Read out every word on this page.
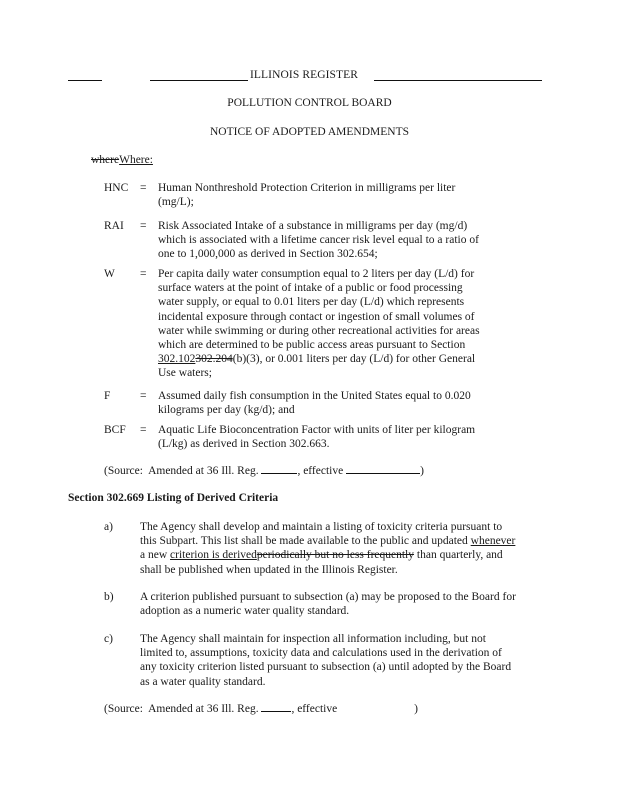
ILLINOIS REGISTER
POLLUTION CONTROL BOARD
NOTICE OF ADOPTED AMENDMENTS
whereWhere:
HNC = Human Nonthreshold Protection Criterion in milligrams per liter
(mg/L);
RAI = Risk Associated Intake of a substance in milligrams per day (mg/d)
which is associated with a lifetime cancer risk level equal to a ratio of
one to 1,000,000 as derived in Section 302.654;
W = Per capita daily water consumption equal to 2 liters per day (L/d) for
surface waters at the point of intake of a public or food processing
water supply, or equal to 0.01 liters per day (L/d) which represents
incidental exposure through contact or ingestion of small volumes of
water while swimming or during other recreational activities for areas
which are determined to be public access areas pursuant to Section
302.102302.204(b)(3), or 0.001 liters per day (L/d) for other General
Use waters;
F	= Assumed daily fish consumption in the United States equal to 0.020
kilograms per day (kg/d); and
BCF = Aquatic Life Bioconcentration Factor with units of liter per kilogram
(L/kg) as derived in Section 302.663.
(Source:  Amended at 36 Ill. Reg.	, effective	)
Section 302.669 Listing of Derived Criteria
a) The Agency shall develop and maintain a listing of toxicity criteria pursuant to
this Subpart. This list shall be made available to the public and updated whenever
a new criterion is derivedperiodically but no less frequently than quarterly, and
shall be published when updated in the Illinois Register.
b) A criterion published pursuant to subsection (a) may be proposed to the Board for
adoption as a numeric water quality standard.
c) The Agency shall maintain for inspection all information including, but not
limited to, assumptions, toxicity data and calculations used in the derivation of
any toxicity criterion listed pursuant to subsection (a) until adopted by the Board
as a water quality standard.
(Source:  Amended at 36 Ill. Reg.	, effective	)
